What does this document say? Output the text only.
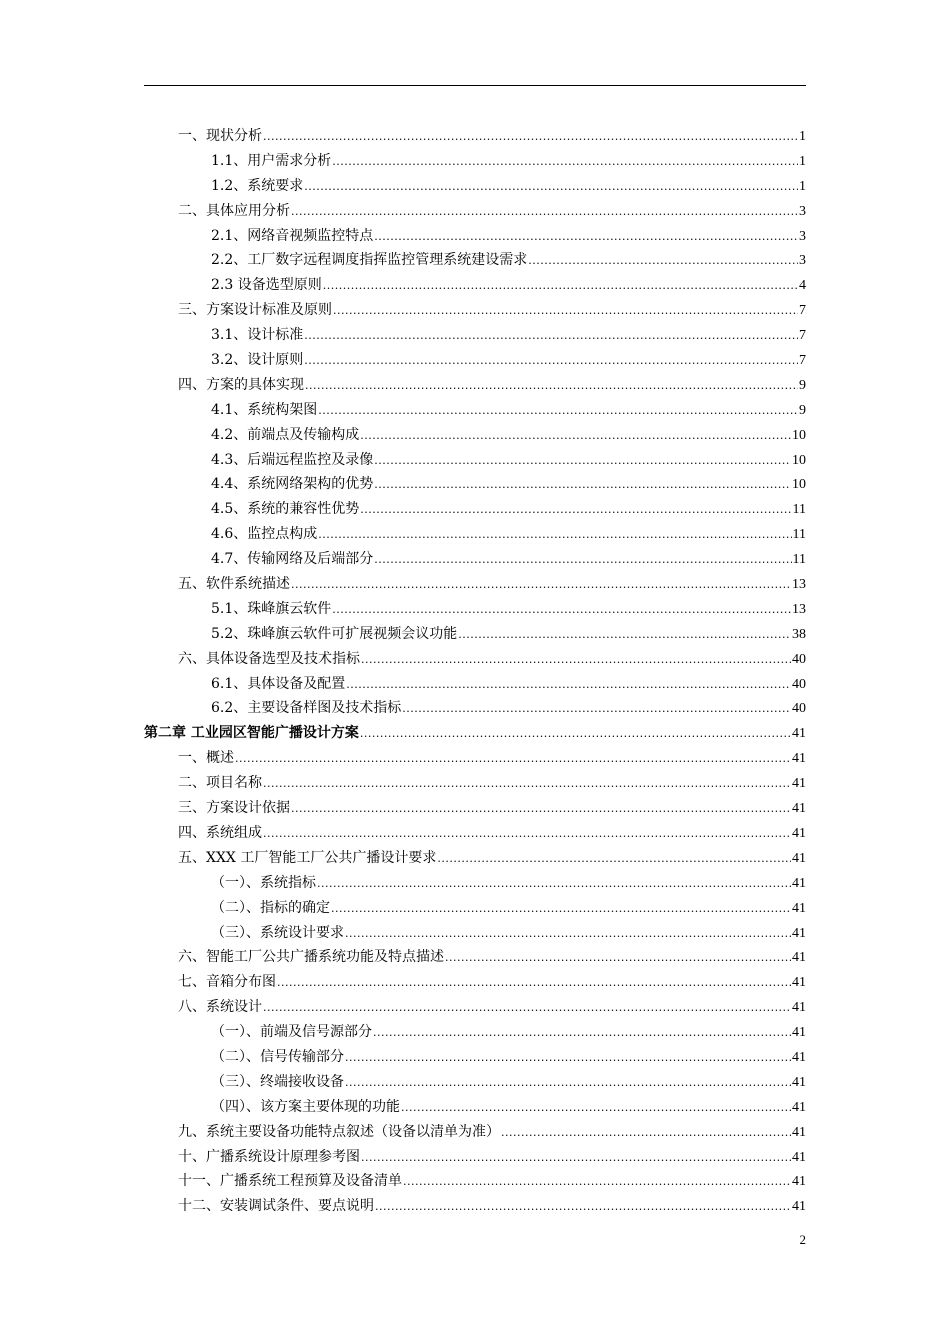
一、现状分析 .....	1
1.1、用户需求分析 .....	1
1.2、系统要求 .....	1
二、具体应用分析 .....	3
2.1、网络音视频监控特点 .....	3
2.2、工厂数字远程调度指挥监控管理系统建设需求 .....	3
2.3 设备选型原则 .....	4
三、方案设计标准及原则 .....	7
3.1、设计标准 .....	7
3.2、设计原则 .....	7
四、方案的具体实现 .....	9
4.1、系统构架图 .....	9
4.2、前端点及传输构成 .....	10
4.3、后端远程监控及录像 .....	10
4.4、系统网络架构的优势 .....	10
4.5、系统的兼容性优势 .....	11
4.6、监控点构成 .....	11
4.7、传输网络及后端部分 .....	11
五、软件系统描述 .....	13
5.1、珠峰旗云软件 .....	13
5.2、珠峰旗云软件可扩展视频会议功能 .....	38
六、具体设备选型及技术指标 .....	40
6.1、具体设备及配置 .....	40
6.2、主要设备样图及技术指标 .....	40
第二章 工业园区智能广播设计方案 .....	41
一、概述 .....	41
二、项目名称 .....	41
三、方案设计依据 .....	41
四、系统组成 .....	41
五、XXX 工厂智能工厂公共广播设计要求 .....	41
（一）、系统指标 .....	41
（二）、指标的确定 .....	41
（三）、系统设计要求 .....	41
六、智能工厂公共广播系统功能及特点描述 .....	41
七、音箱分布图 .....	41
八、系统设计 .....	41
（一）、前端及信号源部分 .....	41
（二）、信号传输部分 .....	41
（三）、终端接收设备 .....	41
（四）、该方案主要体现的功能 .....	41
九、系统主要设备功能特点叙述（设备以清单为准） .....	41
十、广播系统设计原理参考图 .....	41
十一、广播系统工程预算及设备清单 .....	41
十二、安装调试条件、要点说明 .....	41
2
